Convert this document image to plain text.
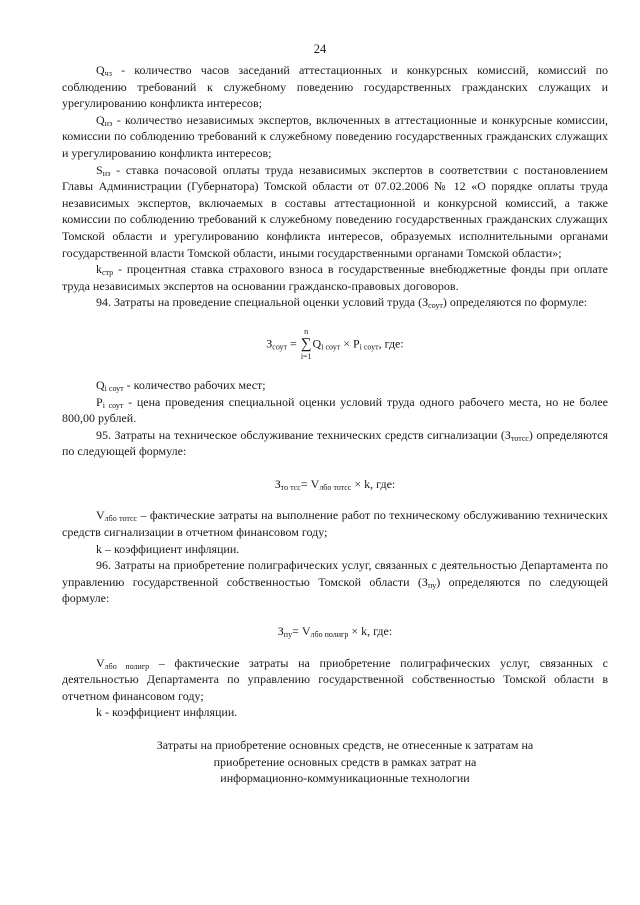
24

$Q_{чз}$ - количество часов заседаний аттестационных и конкурсных комиссий, комиссий по соблюдению требований к служебному поведению государственных гражданских служащих и урегулированию конфликта интересов;

$Q_{нэ}$ - количество независимых экспертов, включенных в аттестационные и конкурсные комиссии, комиссии по соблюдению требований к служебному поведению государственных гражданских служащих и урегулированию конфликта интересов;

$S_{нэ}$ - ставка почасовой оплаты труда независимых экспертов в соответствии с постановлением Главы Администрации (Губернатора) Томской области от 07.02.2006 № 12 «О порядке оплаты труда независимых экспертов, включаемых в составы аттестационной и конкурсной комиссий, а также комиссии по соблюдению требований к служебному поведению государственных гражданских служащих Томской области и урегулированию конфликта интересов, образуемых исполнительными органами государственной власти Томской области, иными государственными органами Томской области»;

$k_{стр}$ - процентная ставка страхового взноса в государственные внебюджетные фонды при оплате труда независимых экспертов на основании гражданско-правовых договоров.

94. Затраты на проведение специальной оценки условий труда $(З_{соут})$ определяются по формуле:

$З_{соут}$ =
n
∑
i=1
$Q_{i соут} \times P_{i соут}$, где:

$Q_{i соут}$ - количество рабочих мест;

$P_{i соут}$ - цена проведения специальной оценки условий труда одного рабочего места, но не более 800,00 рублей.

95. Затраты на техническое обслуживание технических средств сигнализации $(З_{тотсс})$ определяются по следующей формуле:

$З_{то тсс}= V_{лбо тотсс} \times k$, где:

$V_{лбо тотсс}$ – фактические затраты на выполнение работ по техническому обслуживанию технических средств сигнализации в отчетном финансовом году;

k – коэффициент инфляции.

96. Затраты на приобретение полиграфических услуг, связанных с деятельностью Департамента по управлению государственной собственностью Томской области $(З_{пу})$ определяются по следующей формуле:

$З_{пу}= V_{лбо полигр} \times k$, где:

$V_{лбо полигр}$ – фактические затраты на приобретение полиграфических услуг, связанных с деятельностью Департамента по управлению государственной собственностью Томской области в отчетном финансовом году;

k - коэффициент инфляции.

Затраты на приобретение основных средств, не отнесенные к затратам на
приобретение основных средств в рамках затрат на
информационно-коммуникационные технологии
